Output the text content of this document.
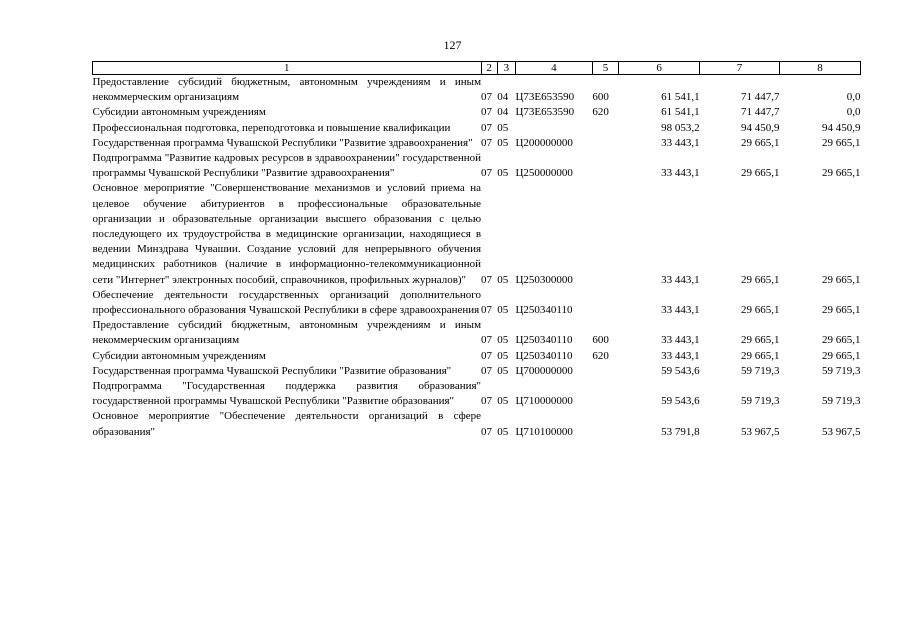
127
1	2	3	4	5	6	7	8
Предоставление субсидий бюджетным, автономным учреждениям и иным некоммерческим организациям	07	04	Ц73Е653590	600	61 541,1	71 447,7	0,0
Субсидии автономным учреждениям	07	04	Ц73Е653590	620	61 541,1	71 447,7	0,0
Профессиональная подготовка, переподготовка и повышение квалификации	07	05			98 053,2	94 450,9	94 450,9
Государственная программа Чувашской Республики "Развитие здравоохранения"	07	05	Ц200000000		33 443,1	29 665,1	29 665,1
Подпрограмма "Развитие кадровых ресурсов в здравоохранении" государственной программы Чувашской Республики "Развитие здравоохранения"	07	05	Ц250000000		33 443,1	29 665,1	29 665,1
Основное мероприятие "Совершенствование механизмов и условий приема на целевое обучение абитуриентов в профессиональные образовательные организации и образовательные организации высшего образования с целью последующего их трудоустройства в медицинские организации, находящиеся в ведении Минздрава Чувашии. Создание условий для непрерывного обучения медицинских работников (наличие в информационно-телекоммуникационной сети "Интернет" электронных пособий, справочников, профильных журналов)"	07	05	Ц250300000		33 443,1	29 665,1	29 665,1
Обеспечение деятельности государственных организаций дополнительного профессионального образования Чувашской Республики в сфере здравоохранения	07	05	Ц250340110		33 443,1	29 665,1	29 665,1
Предоставление субсидий бюджетным, автономным учреждениям и иным некоммерческим организациям	07	05	Ц250340110	600	33 443,1	29 665,1	29 665,1
Субсидии автономным учреждениям	07	05	Ц250340110	620	33 443,1	29 665,1	29 665,1
Государственная программа Чувашской Республики "Развитие образования"	07	05	Ц700000000		59 543,6	59 719,3	59 719,3
Подпрограмма "Государственная поддержка развития образования" государственной программы Чувашской Республики "Развитие образования"	07	05	Ц710000000		59 543,6	59 719,3	59 719,3
Основное мероприятие "Обеспечение деятельности организаций в сфере образования"	07	05	Ц710100000		53 791,8	53 967,5	53 967,5
